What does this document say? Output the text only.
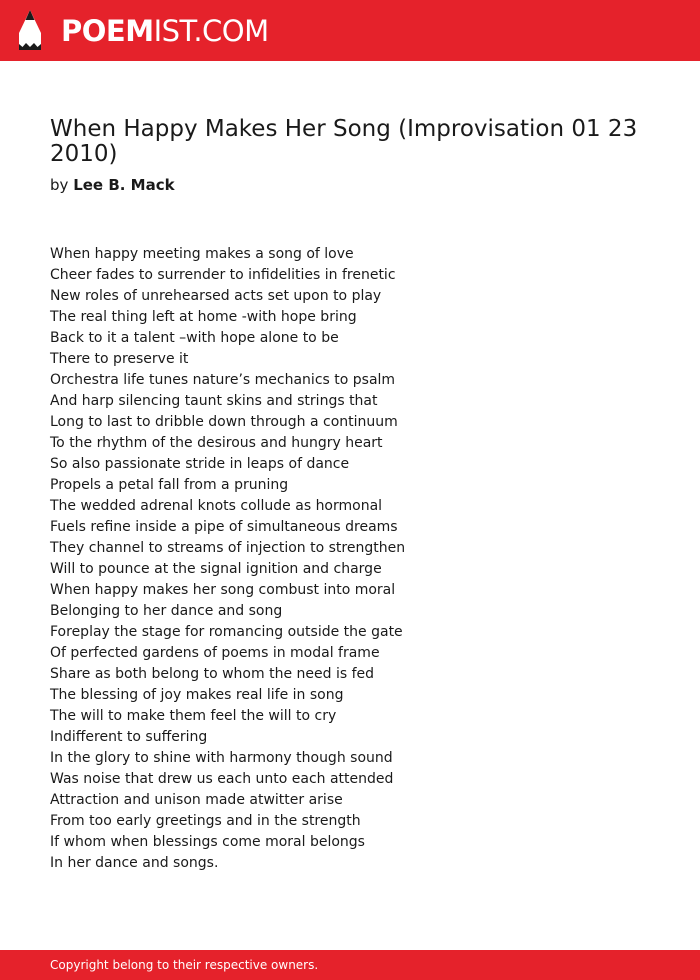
POEMIST.COM
When Happy Makes Her Song (Improvisation 01 23 2010)
by Lee B. Mack
When happy meeting makes a song of love
Cheer fades to surrender to infidelities in frenetic
New roles of unrehearsed acts set upon to play
The real thing left at home -with hope bring
Back to it a talent –with hope alone to be
There to preserve it
Orchestra life tunes nature’s mechanics to psalm
And harp silencing taunt skins and strings that
Long to last to dribble down through a continuum
To the rhythm of the desirous and hungry heart
So also passionate stride in leaps of dance
Propels a petal fall from a pruning
The wedded adrenal knots collude as hormonal
Fuels refine inside a pipe of simultaneous dreams
They channel to streams of injection to strengthen
Will to pounce at the signal ignition and charge
When happy makes her song combust into moral
Belonging to her dance and song
Foreplay the stage for romancing outside the gate
Of perfected gardens of poems in modal frame
Share as both belong to whom the need is fed
The blessing of joy makes real life in song
The will to make them feel the will to cry
Indifferent to suffering
In the glory to shine with harmony though sound
Was noise that drew us each unto each attended
Attraction and unison made atwitter arise
From too early greetings and in the strength
If whom when blessings come moral belongs
In her dance and songs.
Copyright belong to their respective owners.
